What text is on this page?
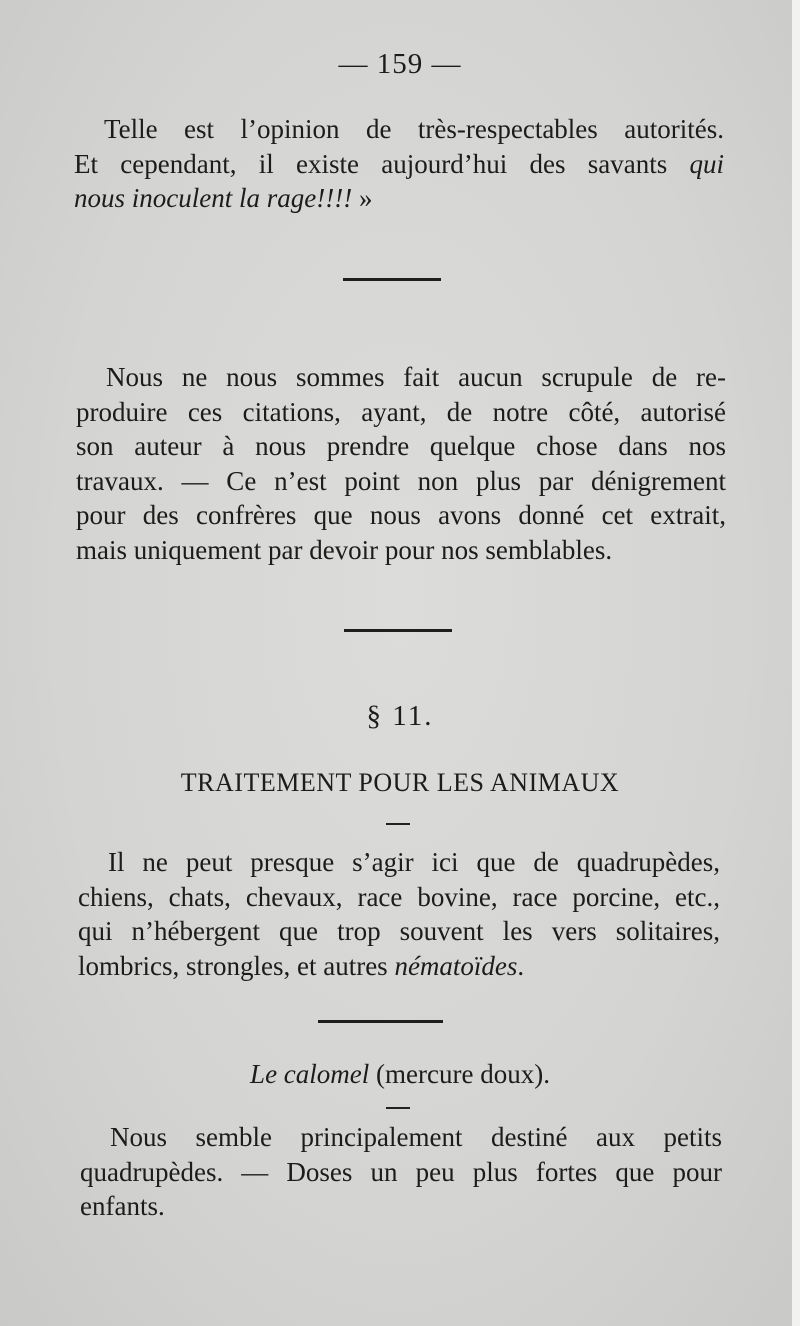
— 159 —
Telle est l’opinion de très-respectables autorités.
Et cependant, il existe aujourd’hui des savants qui
nous inoculent la rage!!!! »
Nous ne nous sommes fait aucun scrupule de re-
produire ces citations, ayant, de notre côté, autorisé
son auteur à nous prendre quelque chose dans nos
travaux. — Ce n’est point non plus par dénigrement
pour des confrères que nous avons donné cet extrait,
mais uniquement par devoir pour nos semblables.
§ 11.
TRAITEMENT POUR LES ANIMAUX
Il ne peut presque s’agir ici que de quadrupèdes,
chiens, chats, chevaux, race bovine, race porcine, etc.,
qui n’hébergent que trop souvent les vers solitaires,
lombrics, strongles, et autres nématoïdes.
Le calomel (mercure doux).
Nous semble principalement destiné aux petits
quadrupèdes. — Doses un peu plus fortes que pour
enfants.
